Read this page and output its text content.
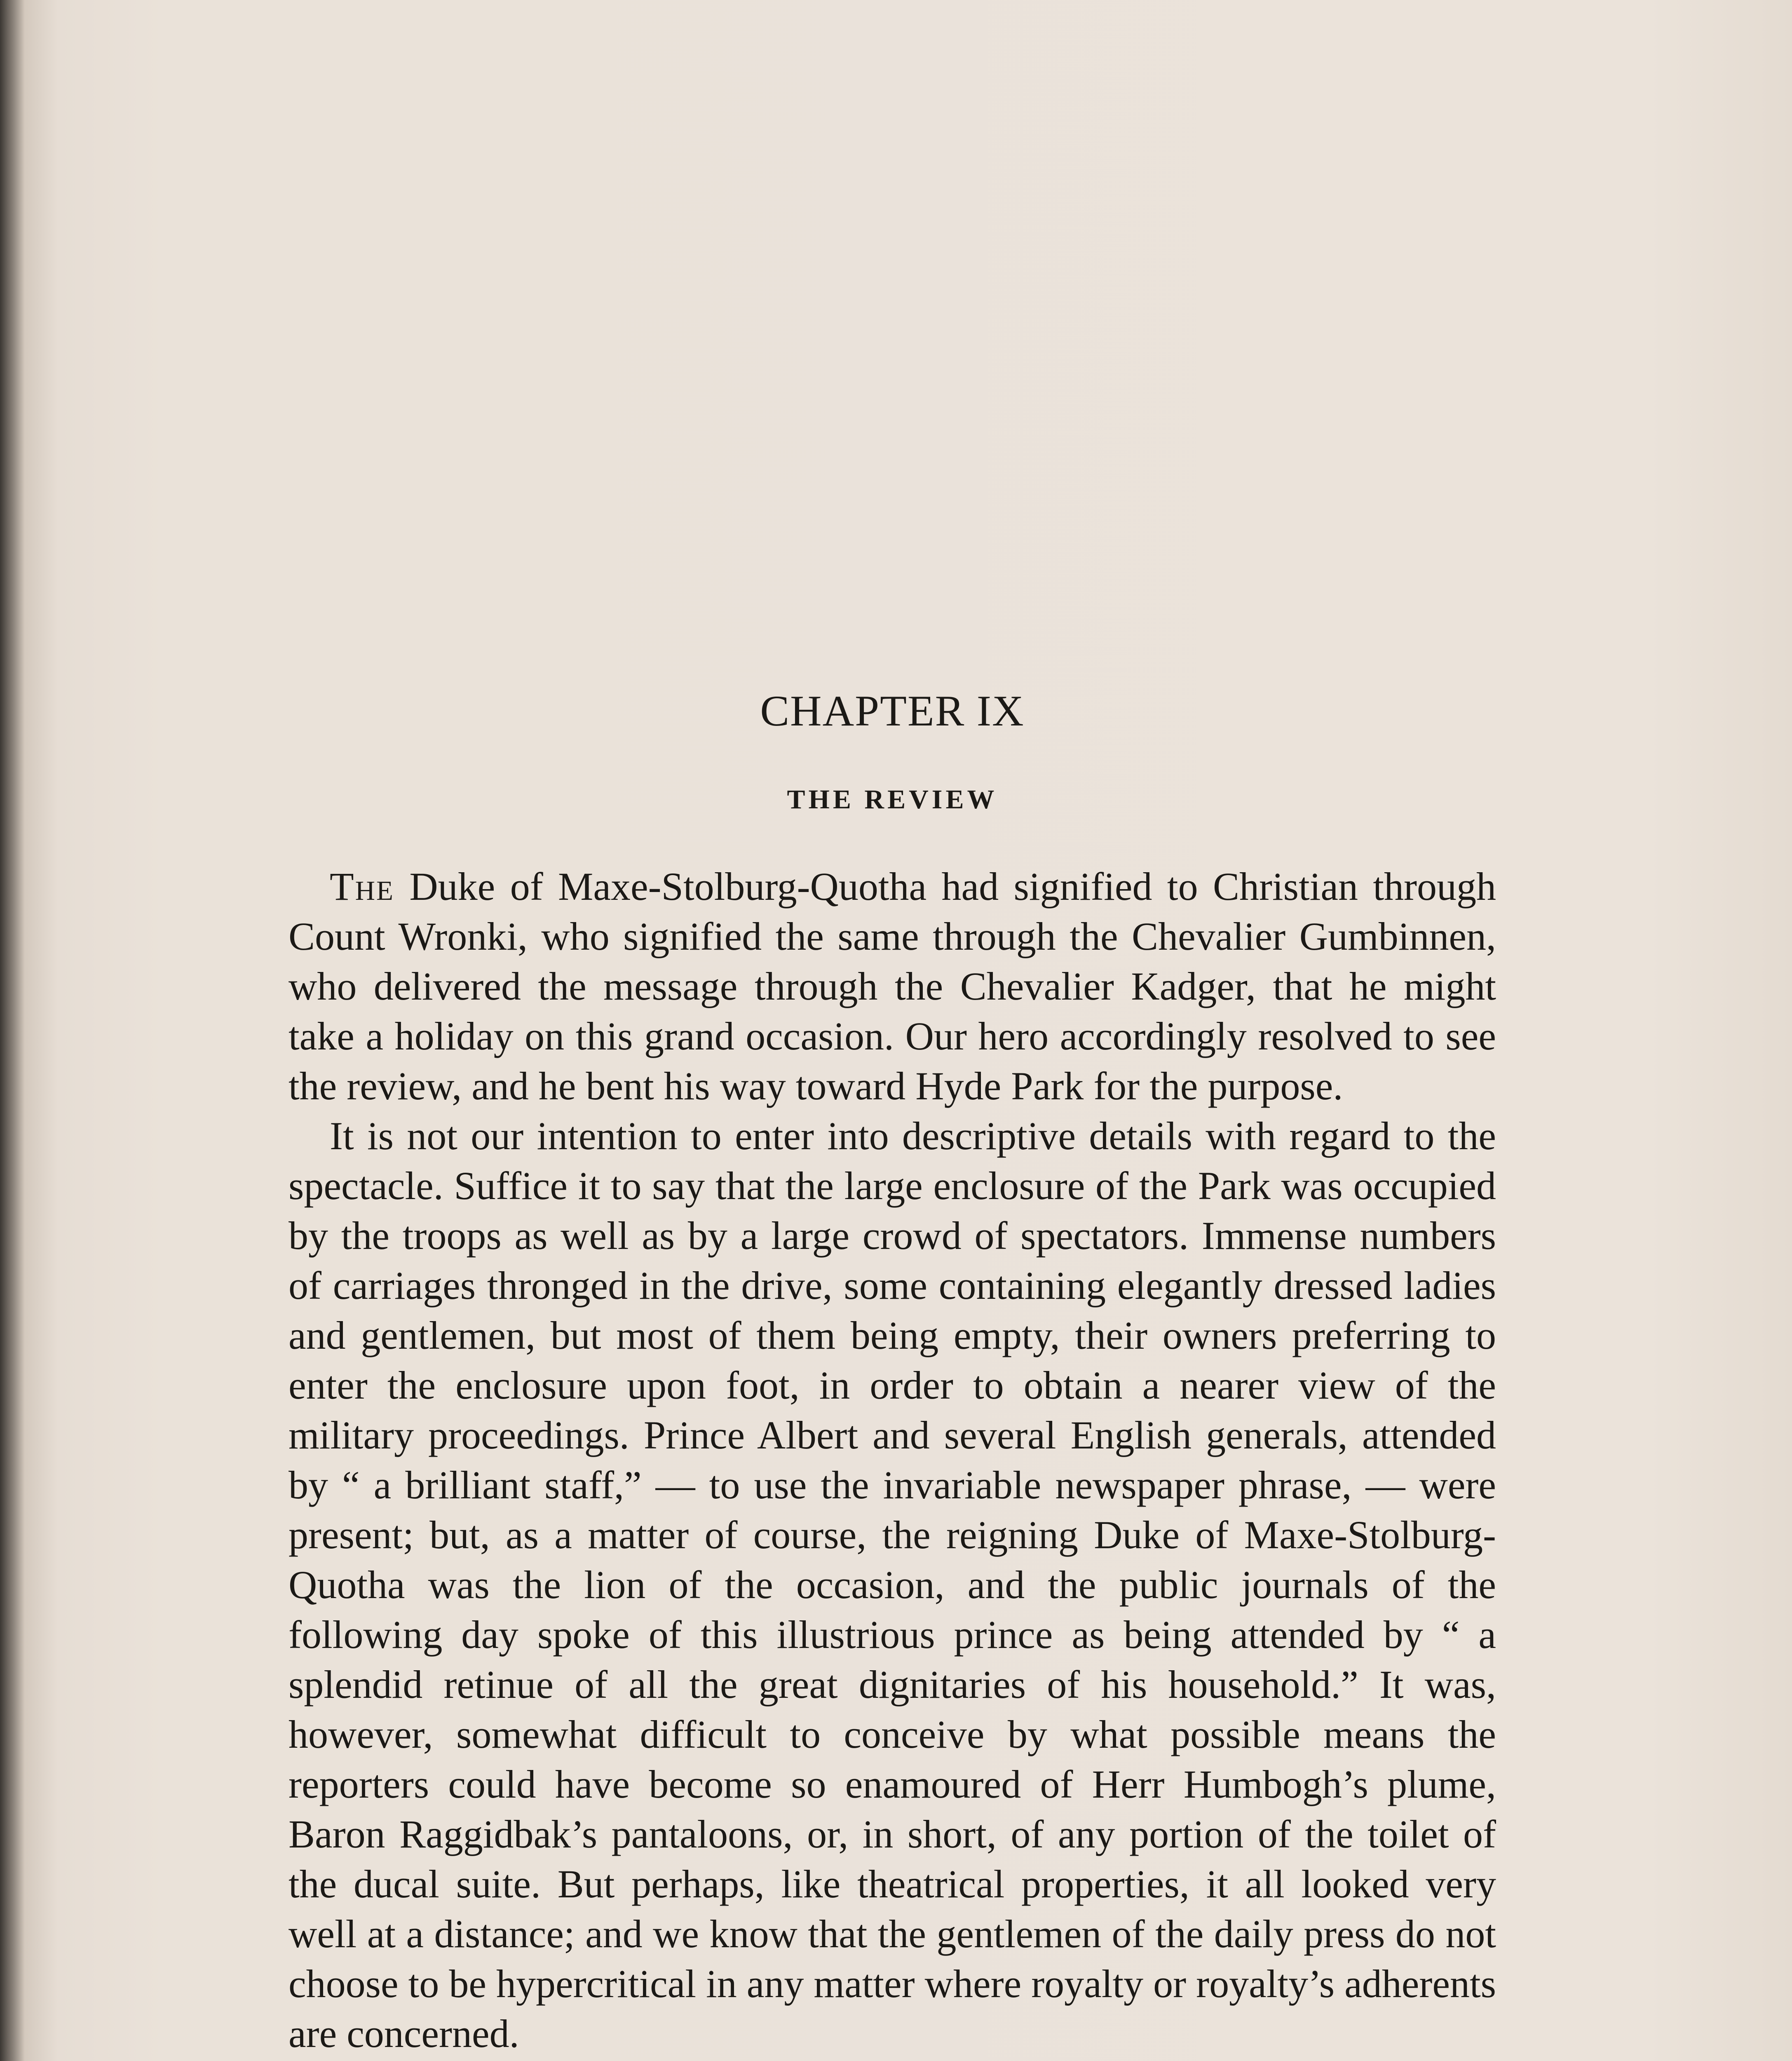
CHAPTER IX
THE REVIEW

The Duke of Maxe-Stolburg-Quotha had signified to Christian through Count Wronki, who signified the same through the Chevalier Gumbinnen, who delivered the message through the Chevalier Kadger, that he might take a holiday on this grand occasion. Our hero accordingly resolved to see the review, and he bent his way toward Hyde Park for the purpose.

It is not our intention to enter into descriptive details with regard to the spectacle. Suffice it to say that the large enclosure of the Park was occupied by the troops as well as by a large crowd of spectators. Immense numbers of carriages thronged in the drive, some containing elegantly dressed ladies and gentlemen, but most of them being empty, their owners preferring to enter the enclosure upon foot, in order to obtain a nearer view of the military proceedings. Prince Albert and several English generals, attended by “ a brilliant staff,” — to use the invariable newspaper phrase, — were present; but, as a matter of course, the reigning Duke of Maxe-Stolburg-Quotha was the lion of the occasion, and the public journals of the following day spoke of this illustrious prince as being attended by “ a splendid retinue of all the great dignitaries of his household.” It was, however, somewhat difficult to conceive by what possible means the reporters could have become so enamoured of Herr Humbogh’s plume, Baron Raggidbak’s pantaloons, or, in short, of any portion of the toilet of the ducal suite. But perhaps, like theatrical properties, it all looked very well at a distance; and we know that the gentlemen of the daily press do not choose to be hypercritical in any matter where royalty or royalty’s adherents are concerned.
